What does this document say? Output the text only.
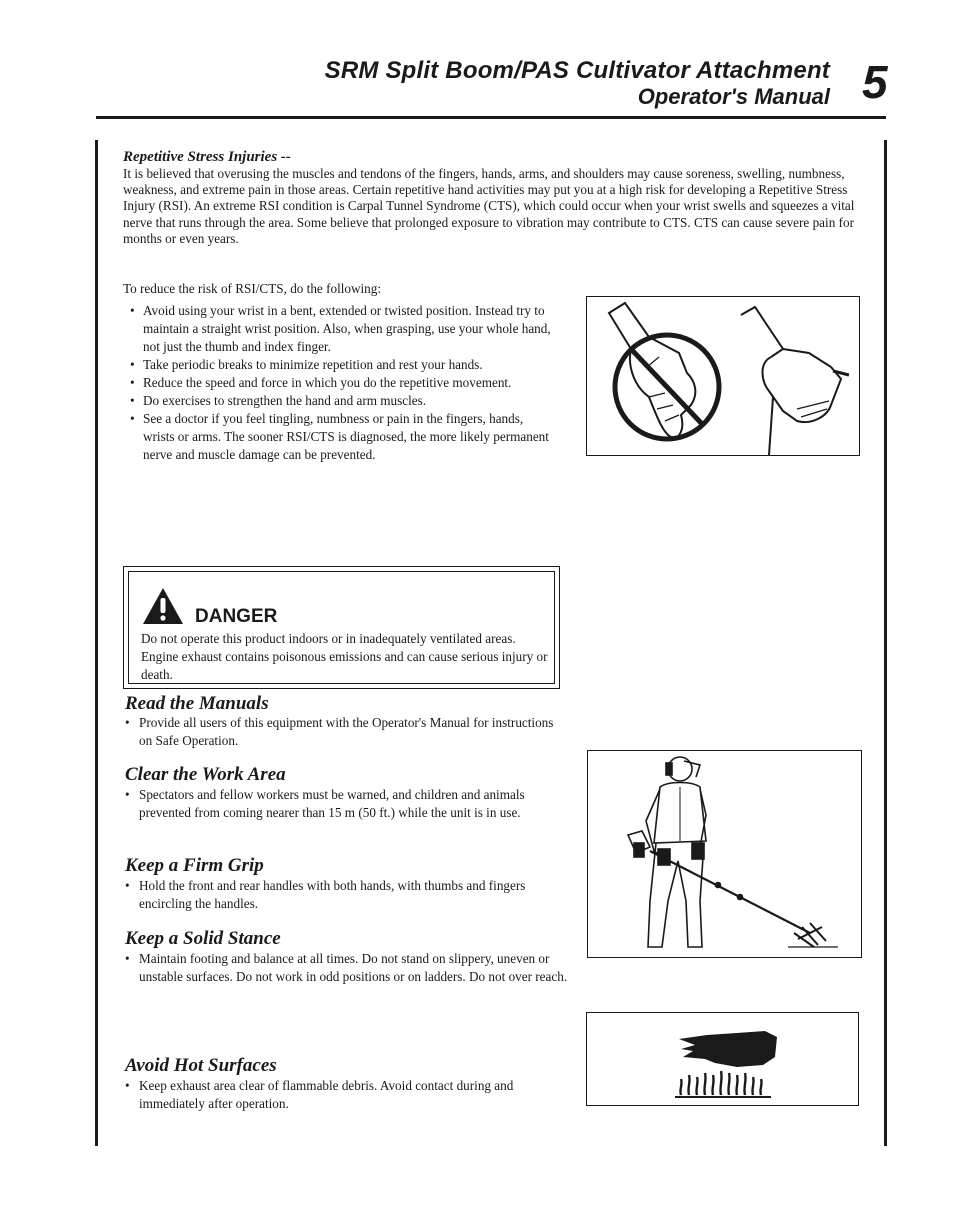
SRM Split Boom/PAS Cultivator Attachment
Operator's Manual 5
Repetitive Stress Injuries --
It is believed that overusing the muscles and tendons of the fingers, hands, arms, and shoulders may cause soreness, swelling, numbness, weakness, and extreme pain in those areas. Certain repetitive hand activities may put you at a high risk for developing a Repetitive Stress Injury (RSI). An extreme RSI condition is Carpal Tunnel Syndrome (CTS), which could occur when your wrist swells and squeezes a vital nerve that runs through the area. Some believe that prolonged exposure to vibration may contribute to CTS. CTS can cause severe pain for months or even years.
To reduce the risk of RSI/CTS, do the following:
• Avoid using your wrist in a bent, extended or twisted position. Instead try to maintain a straight wrist position. Also, when grasping, use your whole hand, not just the thumb and index finger.
• Take periodic breaks to minimize repetition and rest your hands.
• Reduce the speed and force in which you do the repetitive movement.
• Do exercises to strengthen the hand and arm muscles.
• See a doctor if you feel tingling, numbness or pain in the fingers, hands, wrists or arms. The sooner RSI/CTS is diagnosed, the more likely permanent nerve and muscle damage can be prevented.
DANGER
Do not operate this product indoors or in inadequately ventilated areas. Engine exhaust contains poisonous emissions and can cause serious injury or death.
Read the Manuals
• Provide all users of this equipment with the Operator's Manual for instructions on Safe Operation.
Clear the Work Area
• Spectators and fellow workers must be warned, and children and animals prevented from coming nearer than 15 m (50 ft.) while the unit is in use.
Keep a Firm Grip
• Hold the front and rear handles with both hands, with thumbs and fingers encircling the handles.
Keep a Solid Stance
• Maintain footing and balance at all times. Do not stand on slippery, uneven or unstable surfaces. Do not work in odd positions or on ladders. Do not over reach.
Avoid Hot Surfaces
• Keep exhaust area clear of flammable debris. Avoid contact during and immediately after operation.
